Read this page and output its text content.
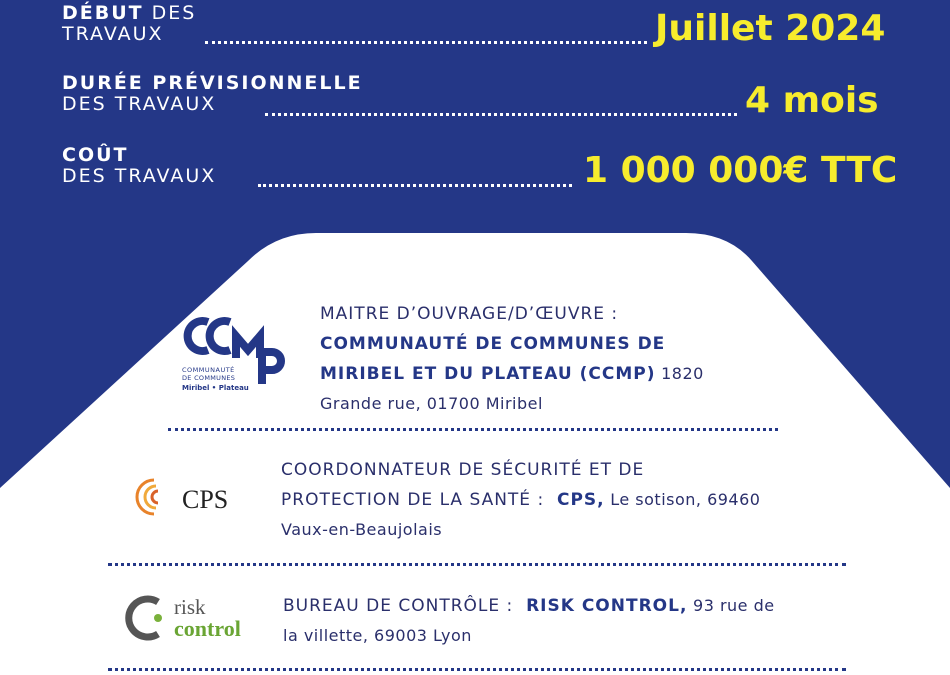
DÉBUT DES
TRAVAUX	Juillet 2024
DURÉE PRÉVISIONNELLE
DES TRAVAUX	4 mois
COÛT
DES TRAVAUX	1 000 000€ TTC
COMMUNAUTÉ
DE COMMUNES
Miribel • Plateau
MAITRE D’OUVRAGE/D’ŒUVRE :
COMMUNAUTÉ DE COMMUNES DE
MIRIBEL ET DU PLATEAU (CCMP) 1820
Grande rue, 01700 Miribel
CPS
COORDONNATEUR DE SÉCURITÉ ET DE
PROTECTION DE LA SANTÉ : CPS, Le sotison, 69460
Vaux-en-Beaujolais
risk
control
BUREAU DE CONTRÔLE : RISK CONTROL, 93 rue de
la villette, 69003 Lyon
